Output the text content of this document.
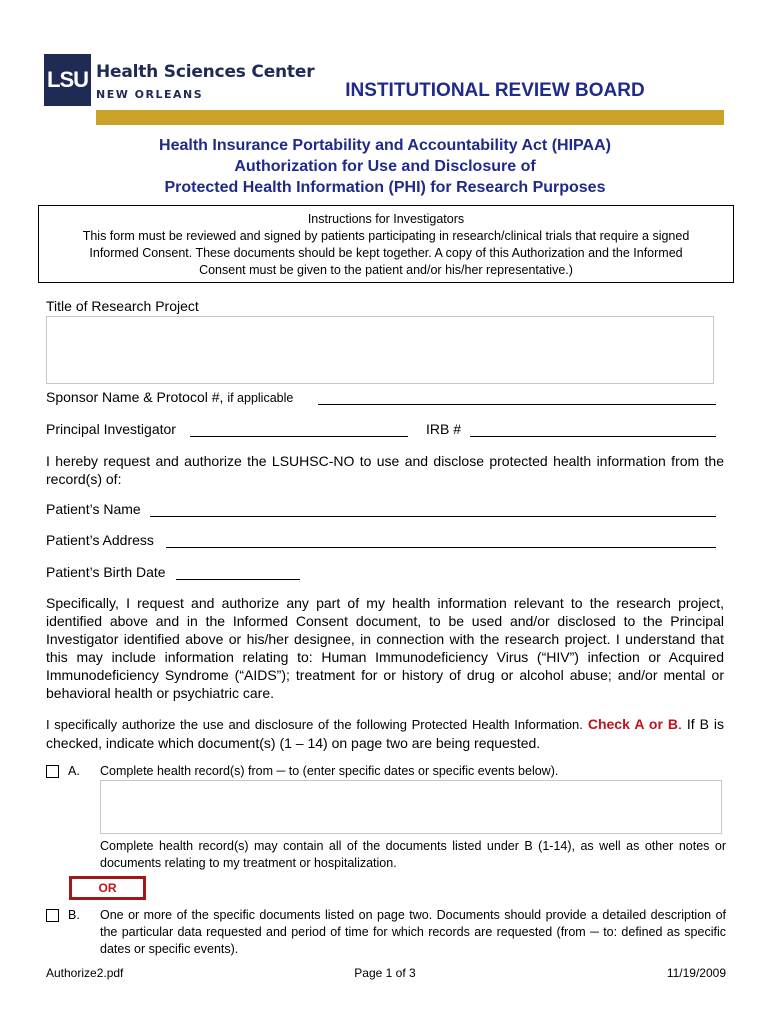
LSU Health Sciences Center
NEW ORLEANS	INSTITUTIONAL REVIEW BOARD
Health Insurance Portability and Accountability Act (HIPAA)
Authorization for Use and Disclosure of
Protected Health Information (PHI) for Research Purposes
Instructions for Investigators
This form must be reviewed and signed by patients participating in research/clinical trials that require a signed
Informed Consent. These documents should be kept together. A copy of this Authorization and the Informed
Consent must be given to the patient and/or his/her representative.)
Title of Research Project
Sponsor Name & Protocol #, if applicable
Principal Investigator	IRB #
I hereby request and authorize the LSUHSC-NO to use and disclose protected health information from the record(s) of:
Patient’s Name
Patient’s Address
Patient’s Birth Date
Specifically, I request and authorize any part of my health information relevant to the research project, identified above and in the Informed Consent document, to be used and/or disclosed to the Principal Investigator identified above or his/her designee, in connection with the research project. I understand that this may include information relating to: Human Immunodeficiency Virus (“HIV”) infection or Acquired Immunodeficiency Syndrome (“AIDS”); treatment for or history of drug or alcohol abuse; and/or mental or behavioral health or psychiatric care.
I specifically authorize the use and disclosure of the following Protected Health Information. Check A or B. If B is checked, indicate which document(s) (1 – 14) on page two are being requested.
A. Complete health record(s) from ─ to (enter specific dates or specific events below).
Complete health record(s) may contain all of the documents listed under B (1-14), as well as other notes or documents relating to my treatment or hospitalization.
OR
B. One or more of the specific documents listed on page two. Documents should provide a detailed description of the particular data requested and period of time for which records are requested (from ─ to: defined as specific dates or specific events).
Authorize2.pdf	Page 1 of 3	11/19/2009
